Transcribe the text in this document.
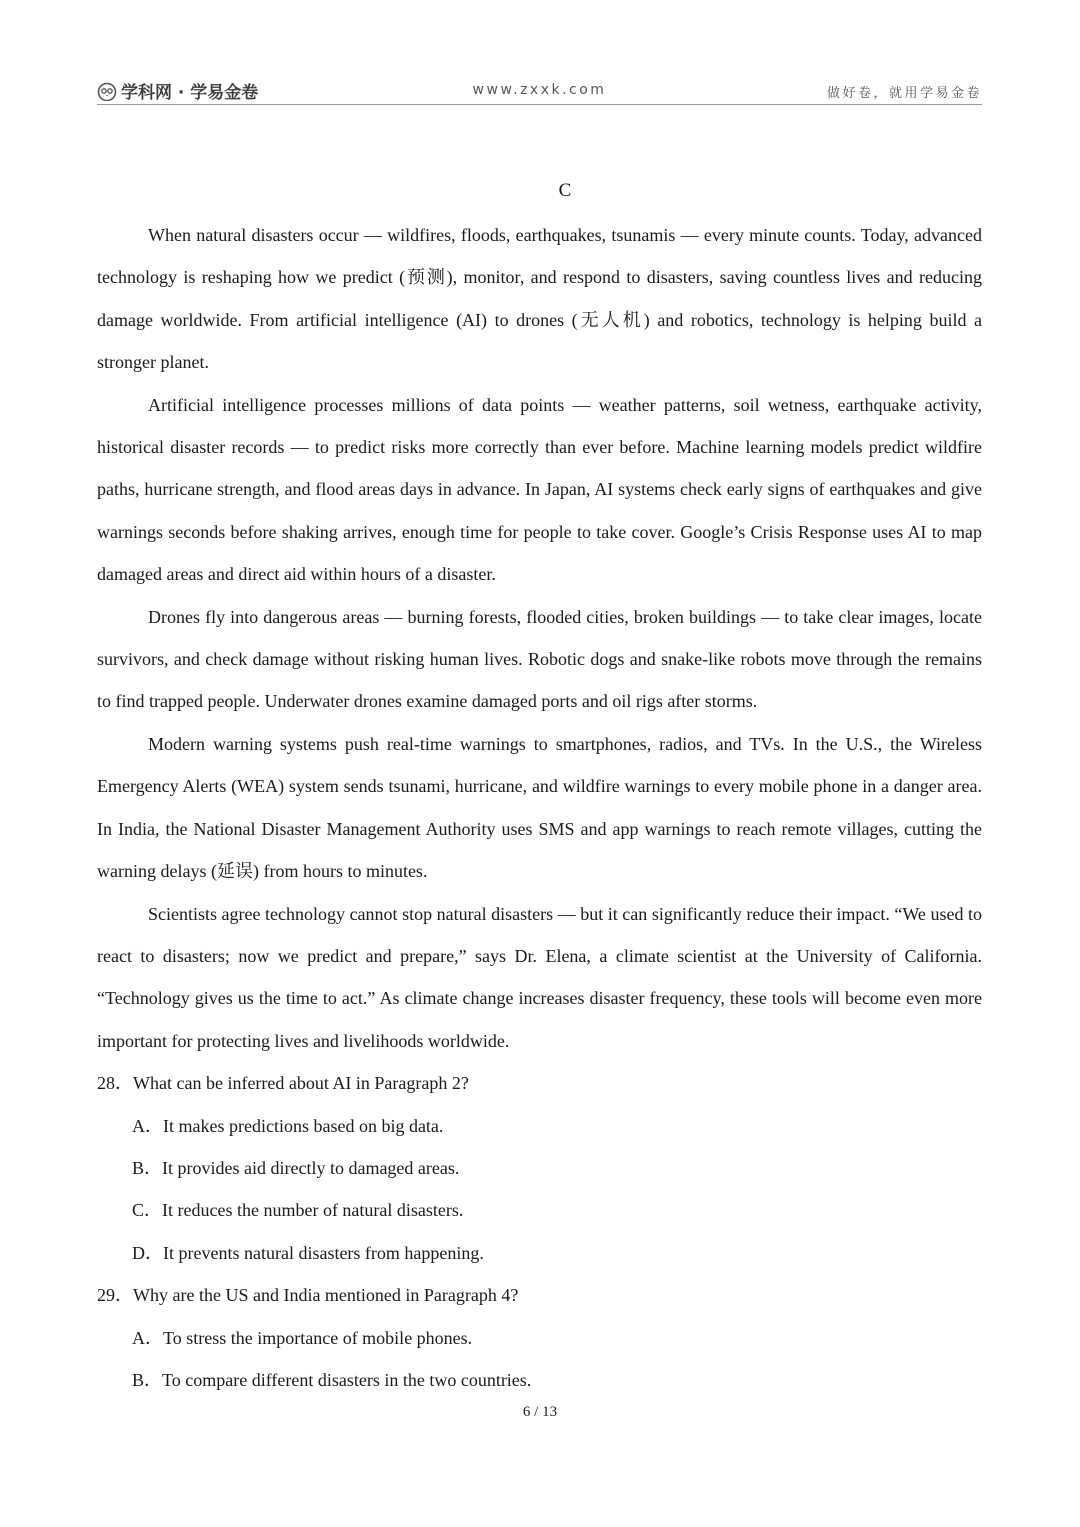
学科网 · 学易金卷	www.zxxk.com	做好卷，就用学易金卷
C

When natural disasters occur — wildfires, floods, earthquakes, tsunamis — every minute counts. Today, advanced technology is reshaping how we predict (预测), monitor, and respond to disasters, saving countless lives and reducing damage worldwide. From artificial intelligence (AI) to drones (无人机) and robotics, technology is helping build a stronger planet.

Artificial intelligence processes millions of data points — weather patterns, soil wetness, earthquake activity, historical disaster records — to predict risks more correctly than ever before. Machine learning models predict wildfire paths, hurricane strength, and flood areas days in advance. In Japan, AI systems check early signs of earthquakes and give warnings seconds before shaking arrives, enough time for people to take cover. Google’s Crisis Response uses AI to map damaged areas and direct aid within hours of a disaster.

Drones fly into dangerous areas — burning forests, flooded cities, broken buildings — to take clear images, locate survivors, and check damage without risking human lives. Robotic dogs and snake-like robots move through the remains to find trapped people. Underwater drones examine damaged ports and oil rigs after storms.

Modern warning systems push real-time warnings to smartphones, radios, and TVs. In the U.S., the Wireless Emergency Alerts (WEA) system sends tsunami, hurricane, and wildfire warnings to every mobile phone in a danger area. In India, the National Disaster Management Authority uses SMS and app warnings to reach remote villages, cutting the warning delays (延误) from hours to minutes.

Scientists agree technology cannot stop natural disasters — but it can significantly reduce their impact. “We used to react to disasters; now we predict and prepare,” says Dr. Elena, a climate scientist at the University of California. “Technology gives us the time to act.” As climate change increases disaster frequency, these tools will become even more important for protecting lives and livelihoods worldwide.

28．What can be inferred about AI in Paragraph 2?

A．It makes predictions based on big data.

B．It provides aid directly to damaged areas.

C．It reduces the number of natural disasters.

D．It prevents natural disasters from happening.

29．Why are the US and India mentioned in Paragraph 4?

A．To stress the importance of mobile phones.

B．To compare different disasters in the two countries.

6 / 13
